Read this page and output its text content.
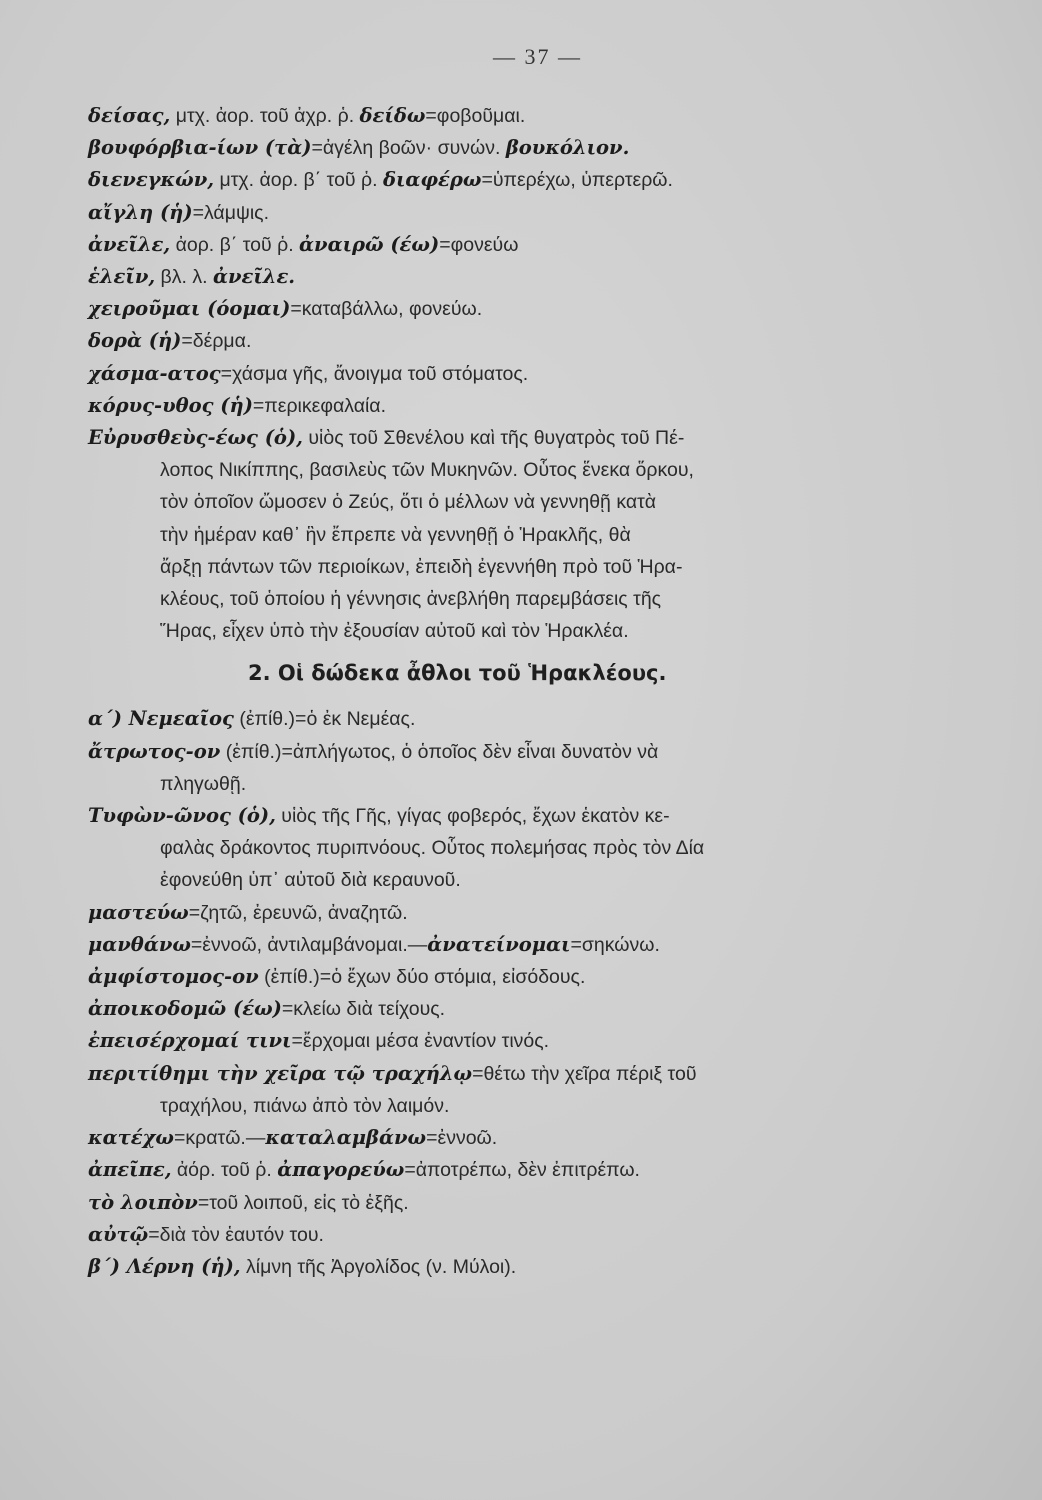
— 37 —
δείσας, μτχ. ἀορ. τοῦ ἀχρ. ῥ. δείδω=φοβοῦμαι.
βουφόρβια-ίων (τὰ)=ἀγέλη βοῶν· συνών. βουκόλιον.
διενεγκών, μτχ. ἀορ. β΄ τοῦ ῥ. διαφέρω=ὑπερέχω, ὑπερτερῶ.
αἴγλη (ἡ)=λάμψις.
ἀνεῖλε, ἀορ. β΄ τοῦ ῥ. ἀναιρῶ (έω)=φονεύω
ἑλεῖν, βλ. λ. ἀνεῖλε.
χειροῦμαι (όομαι)=καταβάλλω, φονεύω.
δορὰ (ἡ)=δέρμα.
χάσμα-ατος=χάσμα γῆς, ἄνοιγμα τοῦ στόματος.
κόρυς-υθος (ἡ)=περικεφαλαία.
Εὐρυσθεὺς-έως (ὁ), υἱὸς τοῦ Σθενέλου καὶ τῆς θυγατρὸς τοῦ Πέ-
λοπος Νικίππης, βασιλεὺς τῶν Μυκηνῶν. Οὗτος ἕνεκα ὅρκου,
τὸν ὁποῖον ὤμοσεν ὁ Ζεύς, ὅτι ὁ μέλλων νὰ γεννηθῇ κατὰ
τὴν ἡμέραν καθ᾿ ἣν ἔπρεπε νὰ γεννηθῇ ὁ Ἡρακλῆς, θὰ
ἄρξῃ πάντων τῶν περιοίκων, ἐπειδὴ ἐγεννήθη πρὸ τοῦ Ἡρα-
κλέους, τοῦ ὁποίου ἡ γέννησις ἀνεβλήθη παρεμβάσεις τῆς
Ἥρας, εἶχεν ὑπὸ τὴν ἐξουσίαν αὐτοῦ καὶ τὸν Ἡρακλέα.
2. Οἱ δώδεκα ἆθλοι τοῦ Ἡρακλέους.
α΄) Νεμεαῖος (ἐπίθ.)=ὁ ἐκ Νεμέας.
ἄτρωτος-ον (ἐπίθ.)=ἀπλήγωτος, ὁ ὁποῖος δὲν εἶναι δυνατὸν νὰ
πληγωθῇ.
Τυφὼν-ῶνος (ὁ), υἱὸς τῆς Γῆς, γίγας φοβερός, ἔχων ἑκατὸν κε-
φαλὰς δράκοντος πυριπνόους. Οὗτος πολεμήσας πρὸς τὸν Δία
ἐφονεύθη ὑπ᾿ αὐτοῦ διὰ κεραυνοῦ.
μαστεύω=ζητῶ, ἐρευνῶ, ἀναζητῶ.
μανθάνω=ἐννοῶ, ἀντιλαμβάνομαι.—ἀνατείνομαι=σηκώνω.
ἀμφίστομος-ον (ἐπίθ.)=ὁ ἔχων δύο στόμια, εἰσόδους.
ἀποικοδομῶ (έω)=κλείω διὰ τείχους.
ἐπεισέρχομαί τινι=ἔρχομαι μέσα ἐναντίον τινός.
περιτίθημι τὴν χεῖρα τῷ τραχήλῳ=θέτω τὴν χεῖρα πέριξ τοῦ
τραχήλου, πιάνω ἀπὸ τὸν λαιμόν.
κατέχω=κρατῶ.—καταλαμβάνω=ἐννοῶ.
ἀπεῖπε, ἀόρ. τοῦ ῥ. ἀπαγορεύω=ἀποτρέπω, δὲν ἐπιτρέπω.
τὸ λοιπὸν=τοῦ λοιποῦ, εἰς τὸ ἑξῆς.
αὐτῷ=διὰ τὸν ἑαυτόν του.
β΄) Λέρνη (ἡ), λίμνη τῆς Ἀργολίδος (ν. Μύλοι).
